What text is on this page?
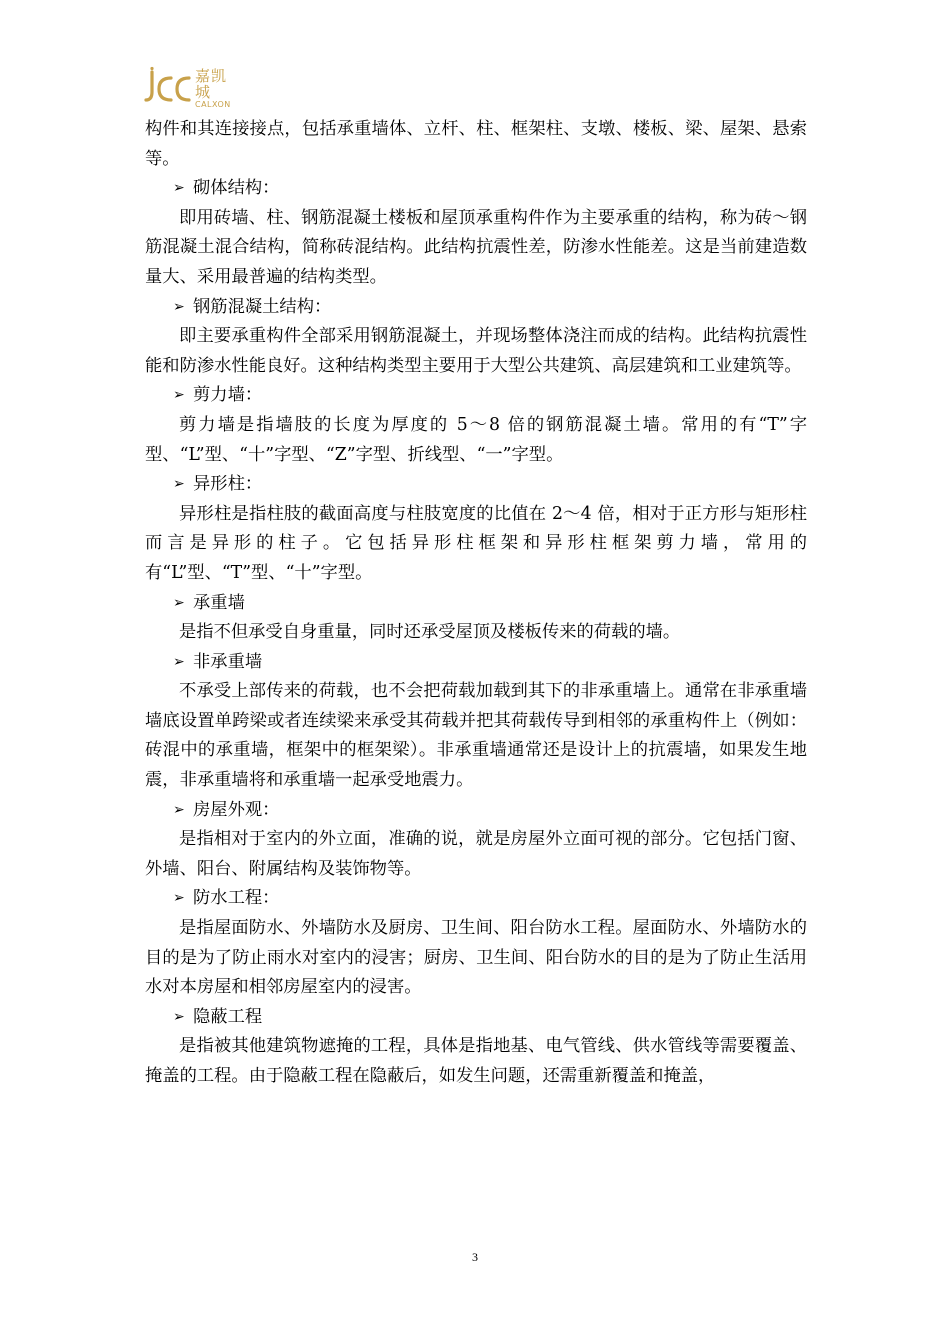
嘉凯城
CALXON

构件和其连接接点，包括承重墙体、立杆、柱、框架柱、支墩、楼板、梁、屋架、悬索等。

➢ 砌体结构：

即用砖墙、柱、钢筋混凝土楼板和屋顶承重构件作为主要承重的结构，称为砖～钢筋混凝土混合结构，简称砖混结构。此结构抗震性差，防渗水性能差。这是当前建造数量大、采用最普遍的结构类型。

➢ 钢筋混凝土结构：

即主要承重构件全部采用钢筋混凝土，并现场整体浇注而成的结构。此结构抗震性能和防渗水性能良好。这种结构类型主要用于大型公共建筑、高层建筑和工业建筑等。

➢ 剪力墙：

剪力墙是指墙肢的长度为厚度的 5～8 倍的钢筋混凝土墙。常用的有“T”字型、“L”型、“十”字型、“Z”字型、折线型、“一”字型。

➢ 异形柱：

异形柱是指柱肢的截面高度与柱肢宽度的比值在 2～4 倍，相对于正方形与矩形柱而言是异形的柱子。它包括异形柱框架和异形柱框架剪力墙，常用的有“L”型、“T”型、“十”字型。

➢ 承重墙

是指不但承受自身重量，同时还承受屋顶及楼板传来的荷载的墙。

➢ 非承重墙

不承受上部传来的荷载，也不会把荷载加载到其下的非承重墙上。通常在非承重墙墙底设置单跨梁或者连续梁来承受其荷载并把其荷载传导到相邻的承重构件上（例如：砖混中的承重墙，框架中的框架梁）。非承重墙通常还是设计上的抗震墙，如果发生地震，非承重墙将和承重墙一起承受地震力。

➢ 房屋外观：

是指相对于室内的外立面，准确的说，就是房屋外立面可视的部分。它包括门窗、外墙、阳台、附属结构及装饰物等。

➢ 防水工程：

是指屋面防水、外墙防水及厨房、卫生间、阳台防水工程。屋面防水、外墙防水的目的是为了防止雨水对室内的浸害；厨房、卫生间、阳台防水的目的是为了防止生活用水对本房屋和相邻房屋室内的浸害。

➢ 隐蔽工程

是指被其他建筑物遮掩的工程，具体是指地基、电气管线、供水管线等需要覆盖、掩盖的工程。由于隐蔽工程在隐蔽后，如发生问题，还需重新覆盖和掩盖，

3
